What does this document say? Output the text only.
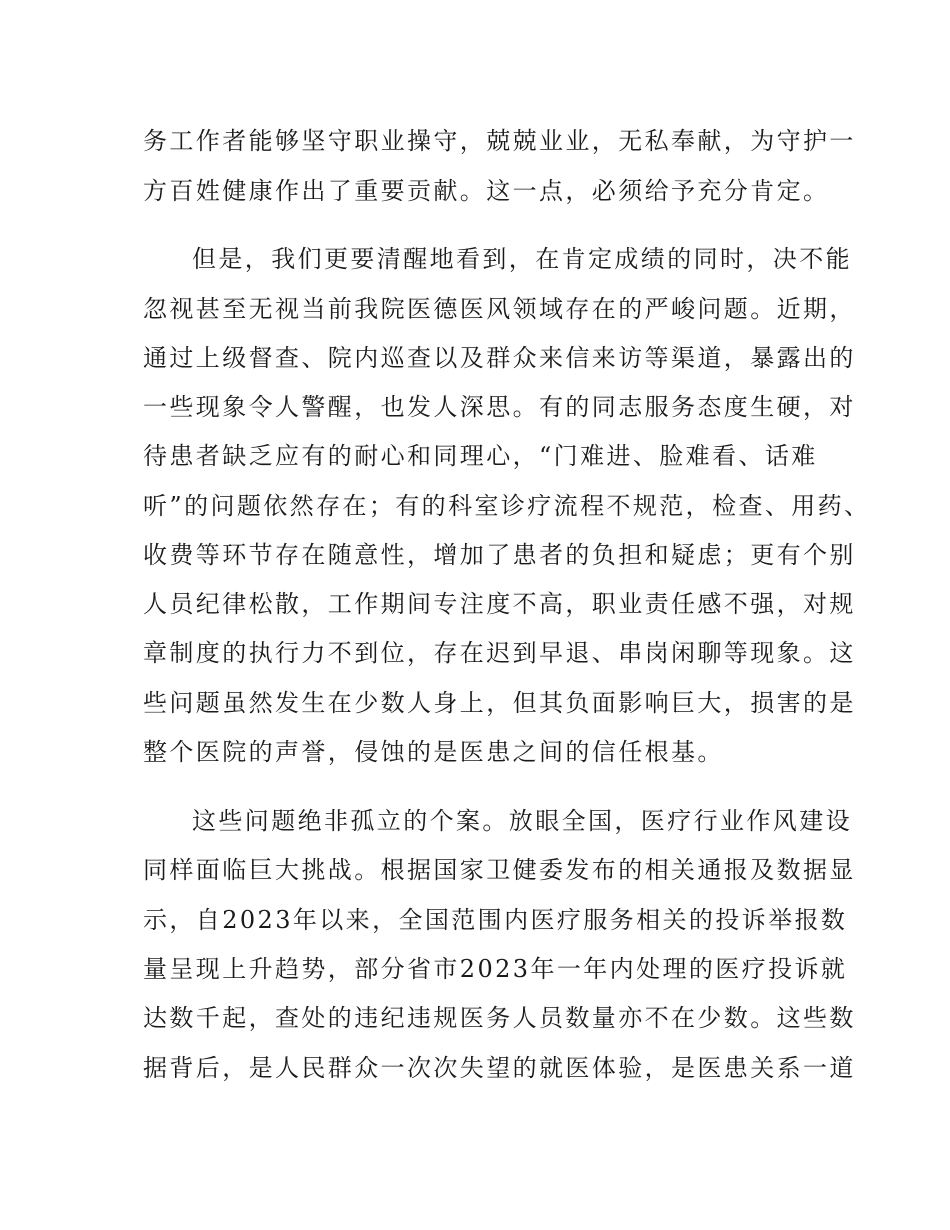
务工作者能够坚守职业操守，兢兢业业，无私奉献，为守护一
方百姓健康作出了重要贡献。这一点，必须给予充分肯定。
但是，我们更要清醒地看到，在肯定成绩的同时，决不能
忽视甚至无视当前我院医德医风领域存在的严峻问题。近期，
通过上级督查、院内巡查以及群众来信来访等渠道，暴露出的
一些现象令人警醒，也发人深思。有的同志服务态度生硬，对
待患者缺乏应有的耐心和同理心，“门难进、脸难看、话难
听”的问题依然存在；有的科室诊疗流程不规范，检查、用药、
收费等环节存在随意性，增加了患者的负担和疑虑；更有个别
人员纪律松散，工作期间专注度不高，职业责任感不强，对规
章制度的执行力不到位，存在迟到早退、串岗闲聊等现象。这
些问题虽然发生在少数人身上，但其负面影响巨大，损害的是
整个医院的声誉，侵蚀的是医患之间的信任根基。
这些问题绝非孤立的个案。放眼全国，医疗行业作风建设
同样面临巨大挑战。根据国家卫健委发布的相关通报及数据显
示，自2023年以来，全国范围内医疗服务相关的投诉举报数
量呈现上升趋势，部分省市2023年一年内处理的医疗投诉就
达数千起，查处的违纪违规医务人员数量亦不在少数。这些数
据背后，是人民群众一次次失望的就医体验，是医患关系一道
